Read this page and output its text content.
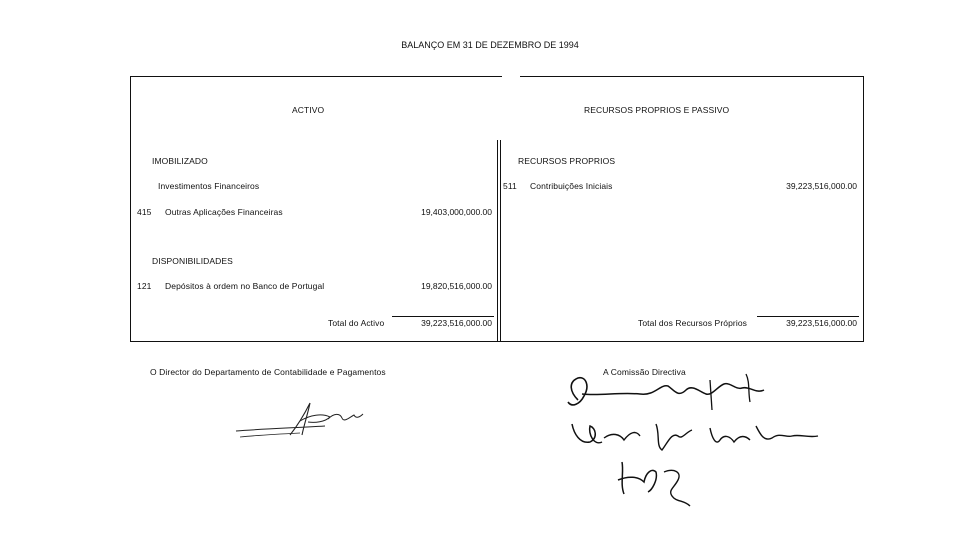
BALANÇO EM 31 DE DEZEMBRO DE 1994
ACTIVO
IMOBILIZADO
Investimentos Financeiros
415 Outras Aplicações Financeiras	19,403,000,000.00
DISPONIBILIDADES
121 Depósitos à ordem no Banco de Portugal	19,820,516,000.00
Total do Activo	39,223,516,000.00
RECURSOS PROPRIOS E PASSIVO
RECURSOS PROPRIOS
511 Contribuições Iniciais	39,223,516,000.00
Total dos Recursos Próprios	39,223,516,000.00
O Director do Departamento de Contabilidade e Pagamentos	A Comissão Directiva
